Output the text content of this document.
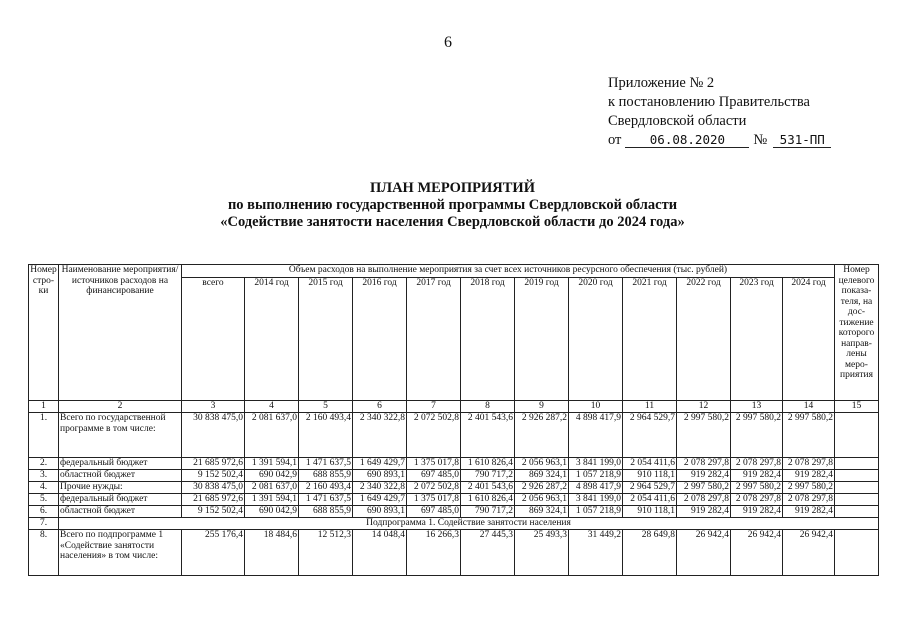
6
Приложение № 2
к постановлению Правительства
Свердловской области
от 06.08.2020 № 531-ПП
ПЛАН МЕРОПРИЯТИЙ
по выполнению государственной программы Свердловской области
«Содействие занятости населения Свердловской области до 2024 года»
Номер стро- ки	Наименование мероприятия/ источников расходов на финансирование	Объем расходов на выполнение мероприятия за счет всех источников ресурсного обеспечения (тыс. рублей)												Номер целевого показа- теля, на дос- тижение которого направ- лены меро- приятия
		всего	2014 год	2015 год	2016 год	2017 год	2018 год	2019 год	2020 год	2021 год	2022 год	2023 год	2024 год	
1	2	3	4	5	6	7	8	9	10	11	12	13	14	15
1.	Всего по государственной программе в том числе:	30 838 475,0	2 081 637,0	2 160 493,4	2 340 322,8	2 072 502,8	2 401 543,6	2 926 287,2	4 898 417,9	2 964 529,7	2 997 580,2	2 997 580,2	2 997 580,2	
2.	федеральный бюджет	21 685 972,6	1 391 594,1	1 471 637,5	1 649 429,7	1 375 017,8	1 610 826,4	2 056 963,1	3 841 199,0	2 054 411,6	2 078 297,8	2 078 297,8	2 078 297,8	
3.	областной бюджет	9 152 502,4	690 042,9	688 855,9	690 893,1	697 485,0	790 717,2	869 324,1	1 057 218,9	910 118,1	919 282,4	919 282,4	919 282,4	
4.	Прочие нужды:	30 838 475,0	2 081 637,0	2 160 493,4	2 340 322,8	2 072 502,8	2 401 543,6	2 926 287,2	4 898 417,9	2 964 529,7	2 997 580,2	2 997 580,2	2 997 580,2	
5.	федеральный бюджет	21 685 972,6	1 391 594,1	1 471 637,5	1 649 429,7	1 375 017,8	1 610 826,4	2 056 963,1	3 841 199,0	2 054 411,6	2 078 297,8	2 078 297,8	2 078 297,8	
6.	областной бюджет	9 152 502,4	690 042,9	688 855,9	690 893,1	697 485,0	790 717,2	869 324,1	1 057 218,9	910 118,1	919 282,4	919 282,4	919 282,4	
7.	Подпрограмма 1. Содействие занятости населения													
8.	Всего по подпрограмме 1 «Содействие занятости населения» в том числе:	255 176,4	18 484,6	12 512,3	14 048,4	16 266,3	27 445,3	25 493,3	31 449,2	28 649,8	26 942,4	26 942,4	26 942,4	
